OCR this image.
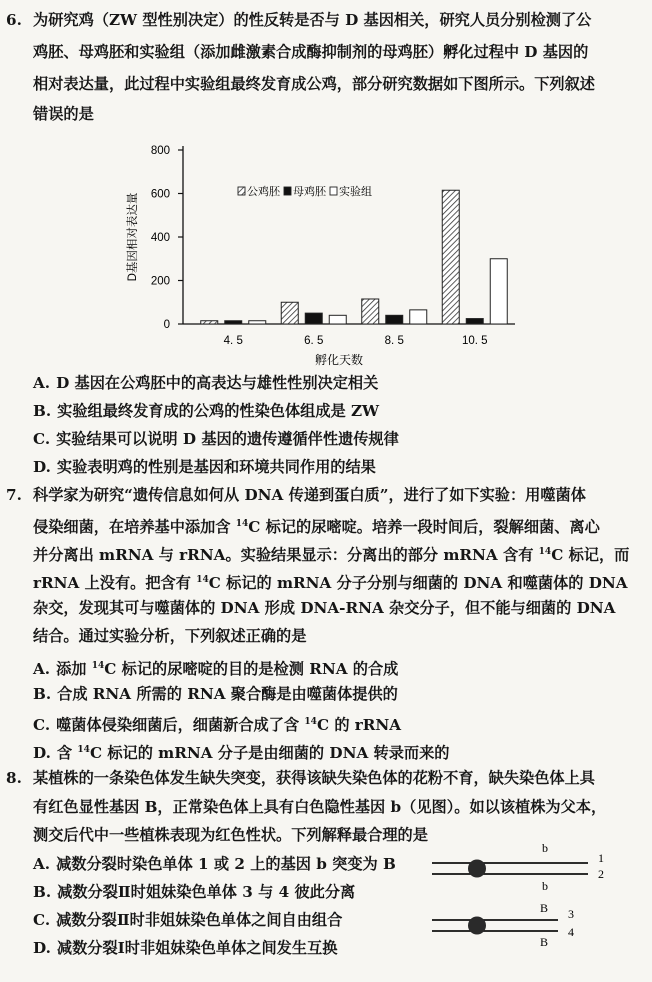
6. 为研究鸡（ZW 型性别决定）的性反转是否与 D 基因相关，研究人员分别检测了公
鸡胚、母鸡胚和实验组（添加雌激素合成酶抑制剂的母鸡胚）孵化过程中 D 基因的
相对表达量，此过程中实验组最终发育成公鸡，部分研究数据如下图所示。下列叙述
错误的是
0
200
400
600
800
4. 5	6. 5	8. 5	10. 5
D基因相对表达量
孵化天数
公鸡胚 母鸡胚 实验组
A. D 基因在公鸡胚中的高表达与雄性性别决定相关
B. 实验组最终发育成的公鸡的性染色体组成是 ZW
C. 实验结果可以说明 D 基因的遗传遵循伴性遗传规律
D. 实验表明鸡的性别是基因和环境共同作用的结果
7. 科学家为研究“遗传信息如何从 DNA 传递到蛋白质”，进行了如下实验：用噬菌体
侵染细菌，在培养基中添加含 $^{14}$C 标记的尿嘧啶。培养一段时间后，裂解细菌、离心
并分离出 mRNA 与 rRNA。实验结果显示：分离出的部分 mRNA 含有 $^{14}$C 标记，而
rRNA 上没有。把含有 $^{14}$C 标记的 mRNA 分子分别与细菌的 DNA 和噬菌体的 DNA
杂交，发现其可与噬菌体的 DNA 形成 DNA-RNA 杂交分子，但不能与细菌的 DNA
结合。通过实验分析，下列叙述正确的是
A. 添加 $^{14}$C 标记的尿嘧啶的目的是检测 RNA 的合成
B. 合成 RNA 所需的 RNA 聚合酶是由噬菌体提供的
C. 噬菌体侵染细菌后，细菌新合成了含 $^{14}$C 的 rRNA
D. 含 $^{14}$C 标记的 mRNA 分子是由细菌的 DNA 转录而来的
8. 某植株的一条染色体发生缺失突变，获得该缺失染色体的花粉不育，缺失染色体上具
有红色显性基因 B，正常染色体上具有白色隐性基因 b（见图）。如以该植株为父本，
测交后代中一些植株表现为红色性状。下列解释最合理的是
A. 减数分裂时染色单体 1 或 2 上的基因 b 突变为 B
B. 减数分裂Ⅱ时姐妹染色单体 3 与 4 彼此分离
C. 减数分裂Ⅱ时非姐妹染色单体之间自由组合
D. 减数分裂Ⅰ时非姐妹染色单体之间发生互换
b
b
1
2
B
B
3
4
